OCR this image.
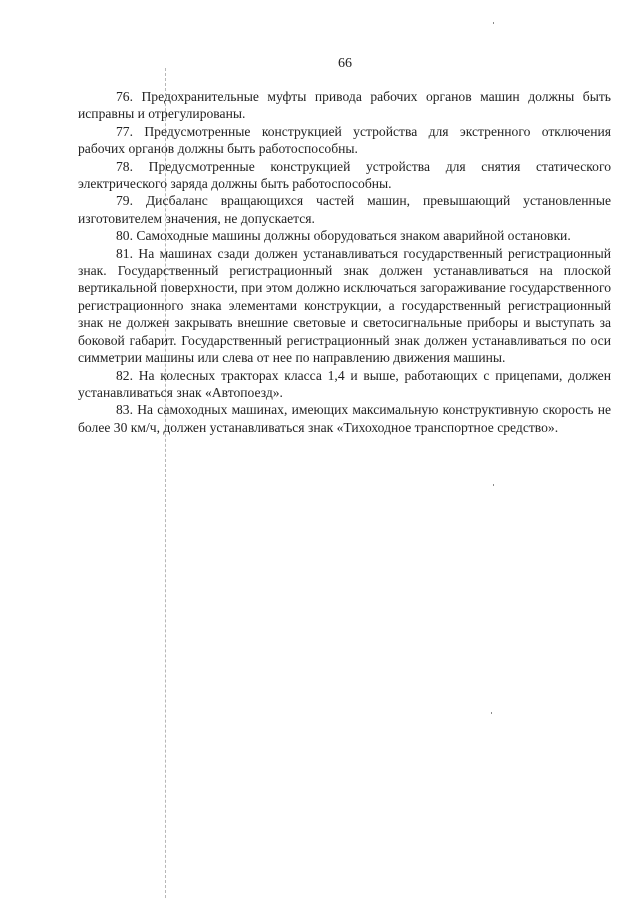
66

76. Предохранительные муфты привода рабочих органов машин должны быть исправны и отрегулированы.

77. Предусмотренные конструкцией устройства для экстренного отключения рабочих органов должны быть работоспособны.

78. Предусмотренные конструкцией устройства для снятия статического электрического заряда должны быть работоспособны.

79. Дисбаланс вращающихся частей машин, превышающий установленные изготовителем значения, не допускается.

80. Самоходные машины должны оборудоваться знаком аварийной остановки.

81. На машинах сзади должен устанавливаться государственный регистрационный знак. Государственный регистрационный знак должен устанавливаться на плоской вертикальной поверхности, при этом должно исключаться загораживание государственного регистрационного знака элементами конструкции, а государственный регистрационный знак не должен закрывать внешние световые и светосигнальные приборы и выступать за боковой габарит. Государственный регистрационный знак должен устанавливаться по оси симметрии машины или слева от нее по направлению движения машины.

82. На колесных тракторах класса 1,4 и выше, работающих с прицепами, должен устанавливаться знак «Автопоезд».

83. На самоходных машинах, имеющих максимальную конструктивную скорость не более 30 км/ч, должен устанавливаться знак «Тихоходное транспортное средство».
